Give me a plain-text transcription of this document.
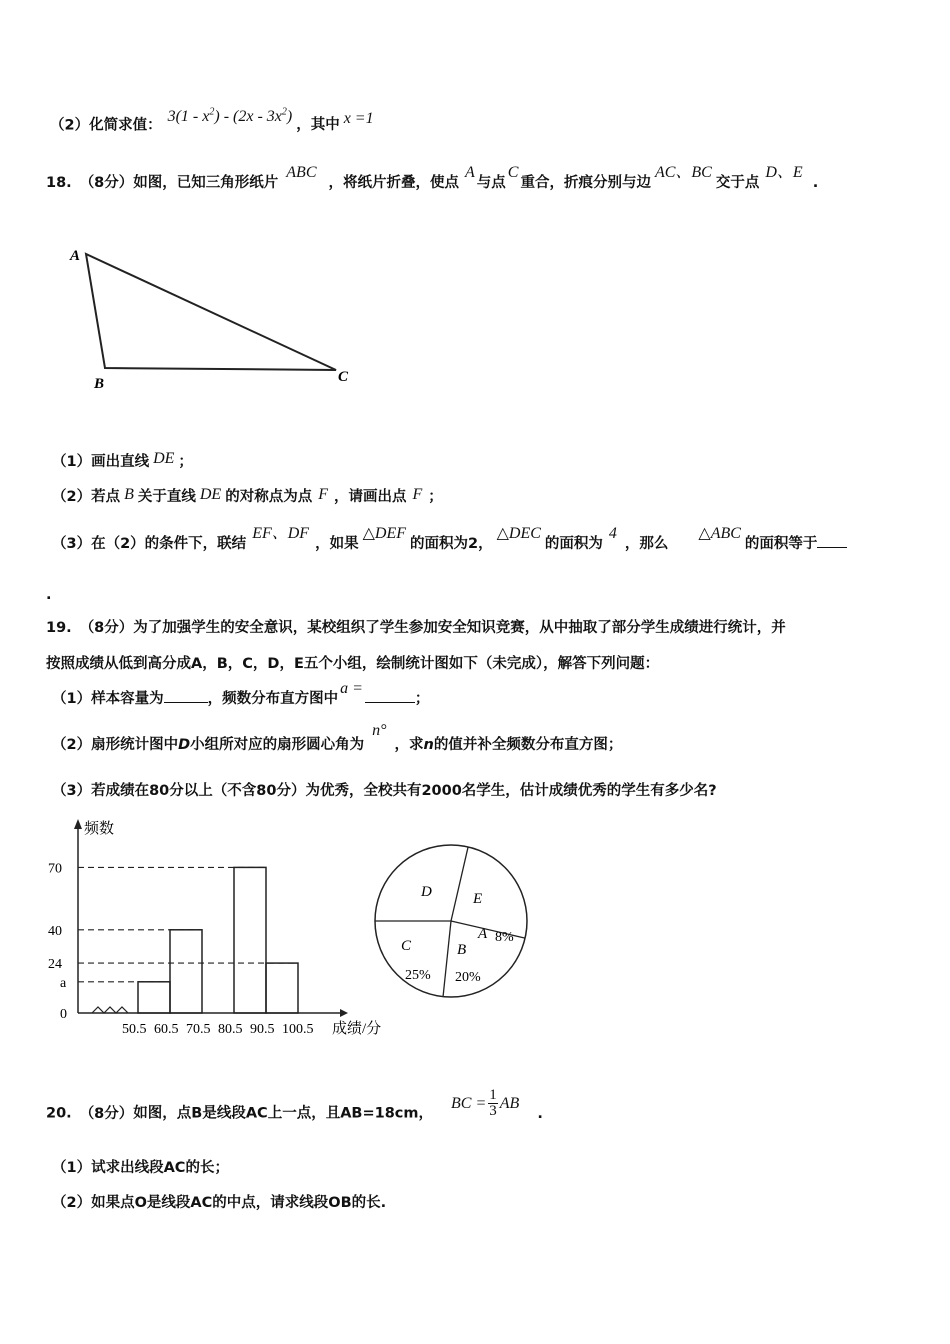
（2）化简求值： $3(1 - x^2) - (2x - 3x^2)$ ，其中 x =1
18. （8分）如图，已知三角形纸片ABC，将纸片折叠，使点A与点C重合，折痕分别与边AC、BC交于点D、E.
A
B	C
（1）画出直线 DE ；
（2）若点 B 关于直线 DE 的对称点为点 F ，请画出点 F ；
（3）在（2）的条件下，联结EF、DF，如果△DEF的面积为2，△DEC的面积为4，那么△ABC的面积等于
.
19. （8分）为了加强学生的安全意识，某校组织了学生参加安全知识竞赛，从中抽取了部分学生成绩进行统计，并
按照成绩从低到高分成A，B，C，D，E五个小组，绘制统计图如下（未完成），解答下列问题：
（1）样本容量为	，频数分布直方图中a =；
（2）扇形统计图中D小组所对应的扇形圆心角为n°，求n的值并补全频数分布直方图；
（3）若成绩在80分以上（不含80分）为优秀，全校共有2000名学生，估计成绩优秀的学生有多少名?
频数
成绩/分
0
a
24
40
70
50.5 60.5 70.5 80.5 90.5 100.5
D	E
A 8%
C
25%
B
20%
20. （8分）如图，点B是线段AC上一点，且AB=18cm，BC = $\frac{1}{3}$ AB.
（1）试求出线段AC的长；
（2）如果点O是线段AC的中点，请求线段OB的长.
